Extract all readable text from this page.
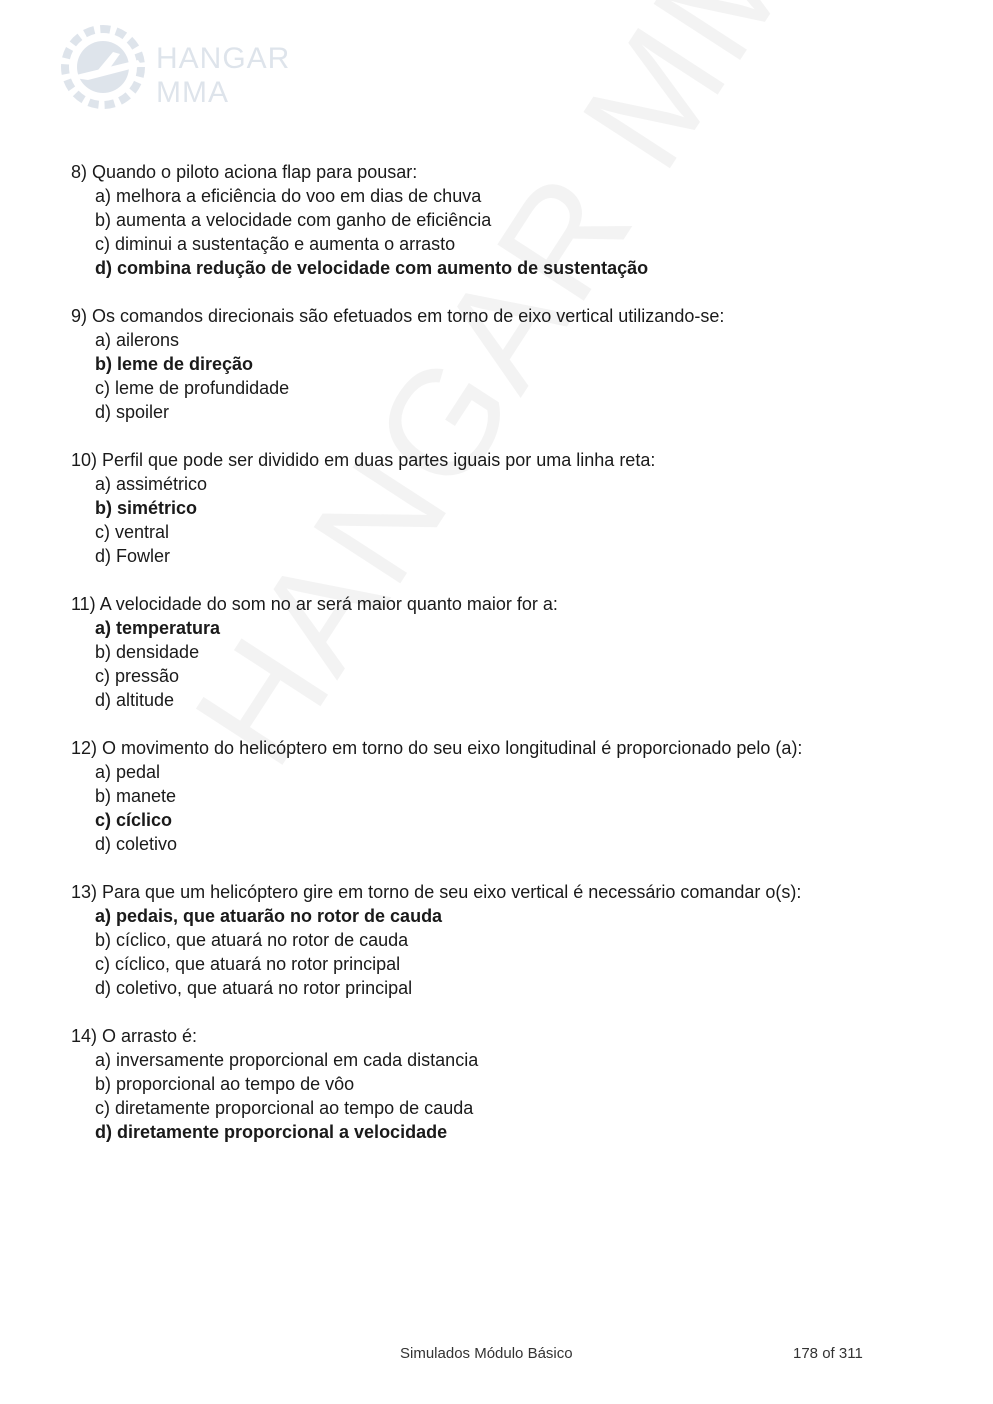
HANGAR MMA
8) Quando o piloto aciona flap para pousar:
a) melhora a eficiência do voo em dias de chuva
b) aumenta a velocidade com ganho de eficiência
c) diminui a sustentação e aumenta o arrasto
d) combina redução de velocidade com aumento de sustentação
9) Os comandos direcionais são efetuados em torno de eixo vertical utilizando-se:
a) ailerons
b) leme de direção
c) leme de profundidade
d) spoiler
10) Perfil que pode ser dividido em duas partes iguais por uma linha reta:
a) assimétrico
b) simétrico
c) ventral
d) Fowler
11) A velocidade do som no ar será maior quanto maior for a:
a) temperatura
b) densidade
c) pressão
d) altitude
12) O movimento do helicóptero em torno do seu eixo longitudinal é proporcionado pelo (a):
a) pedal
b) manete
c) cíclico
d) coletivo
13) Para que um helicóptero gire em torno de seu eixo vertical é necessário comandar o(s):
a) pedais, que atuarão no rotor de cauda
b) cíclico, que atuará no rotor de cauda
c) cíclico, que atuará no rotor principal
d) coletivo, que atuará no rotor principal
14) O arrasto é:
a) inversamente proporcional em cada distancia
b) proporcional ao tempo de vôo
c) diretamente proporcional ao tempo de cauda
d) diretamente proporcional a velocidade
Simulados Módulo Básico	178 of 311
